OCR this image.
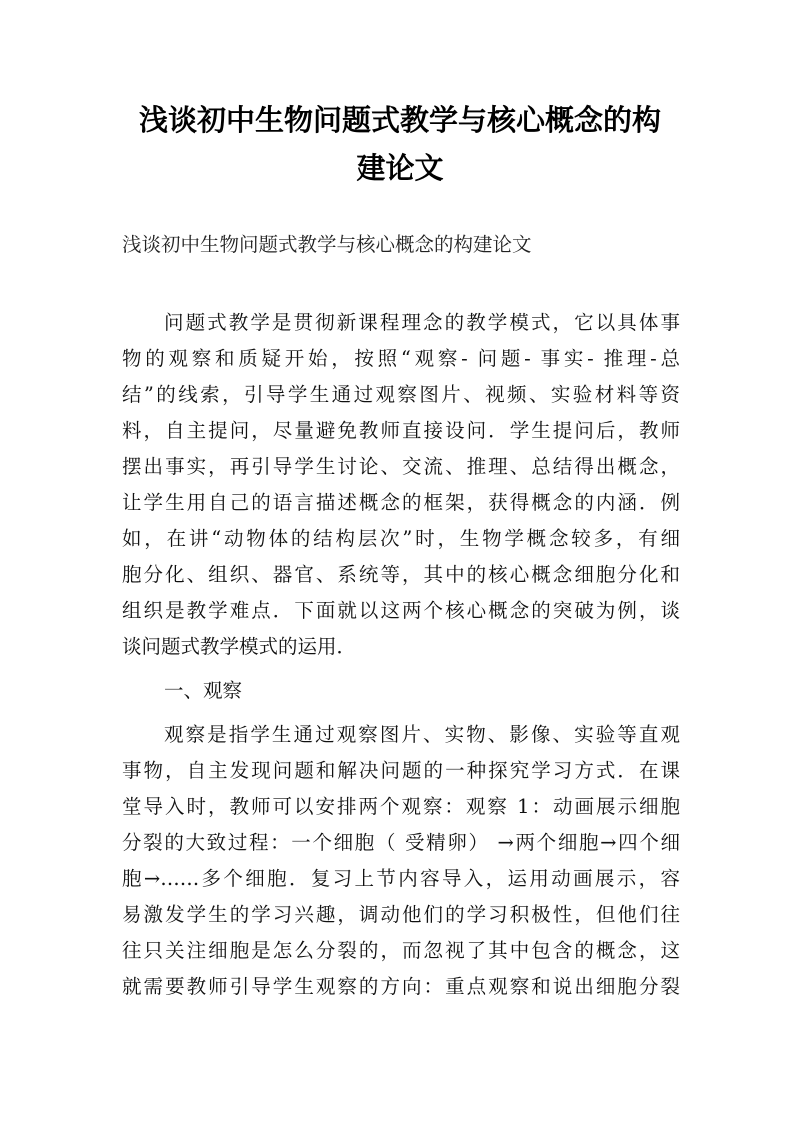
浅谈初中生物问题式教学与核心概念的构
建论文
浅谈初中生物问题式教学与核心概念的构建论文
问题式教学是贯彻新课程理念的教学模式，它以具体事
物的观察和质疑开始，按照“观察- 问题- 事实- 推理-总
结”的线索，引导学生通过观察图片、视频、实验材料等资
料，自主提问，尽量避免教师直接设问．学生提问后，教师
摆出事实，再引导学生讨论、交流、推理、总结得出概念，
让学生用自己的语言描述概念的框架，获得概念的内涵．例
如，在讲“动物体的结构层次”时，生物学概念较多，有细
胞分化、组织、器官、系统等，其中的核心概念细胞分化和
组织是教学难点．下面就以这两个核心概念的突破为例，谈
谈问题式教学模式的运用．
一、观察
观察是指学生通过观察图片、实物、影像、实验等直观
事物，自主发现问题和解决问题的一种探究学习方式．在课
堂导入时，教师可以安排两个观察：观察 1：动画展示细胞
分裂的大致过程：一个细胞（ 受精卵） →两个细胞→四个细
胞→……多个细胞．复习上节内容导入，运用动画展示，容
易激发学生的学习兴趣，调动他们的学习积极性，但他们往
往只关注细胞是怎么分裂的，而忽视了其中包含的概念，这
就需要教师引导学生观察的方向：重点观察和说出细胞分裂
